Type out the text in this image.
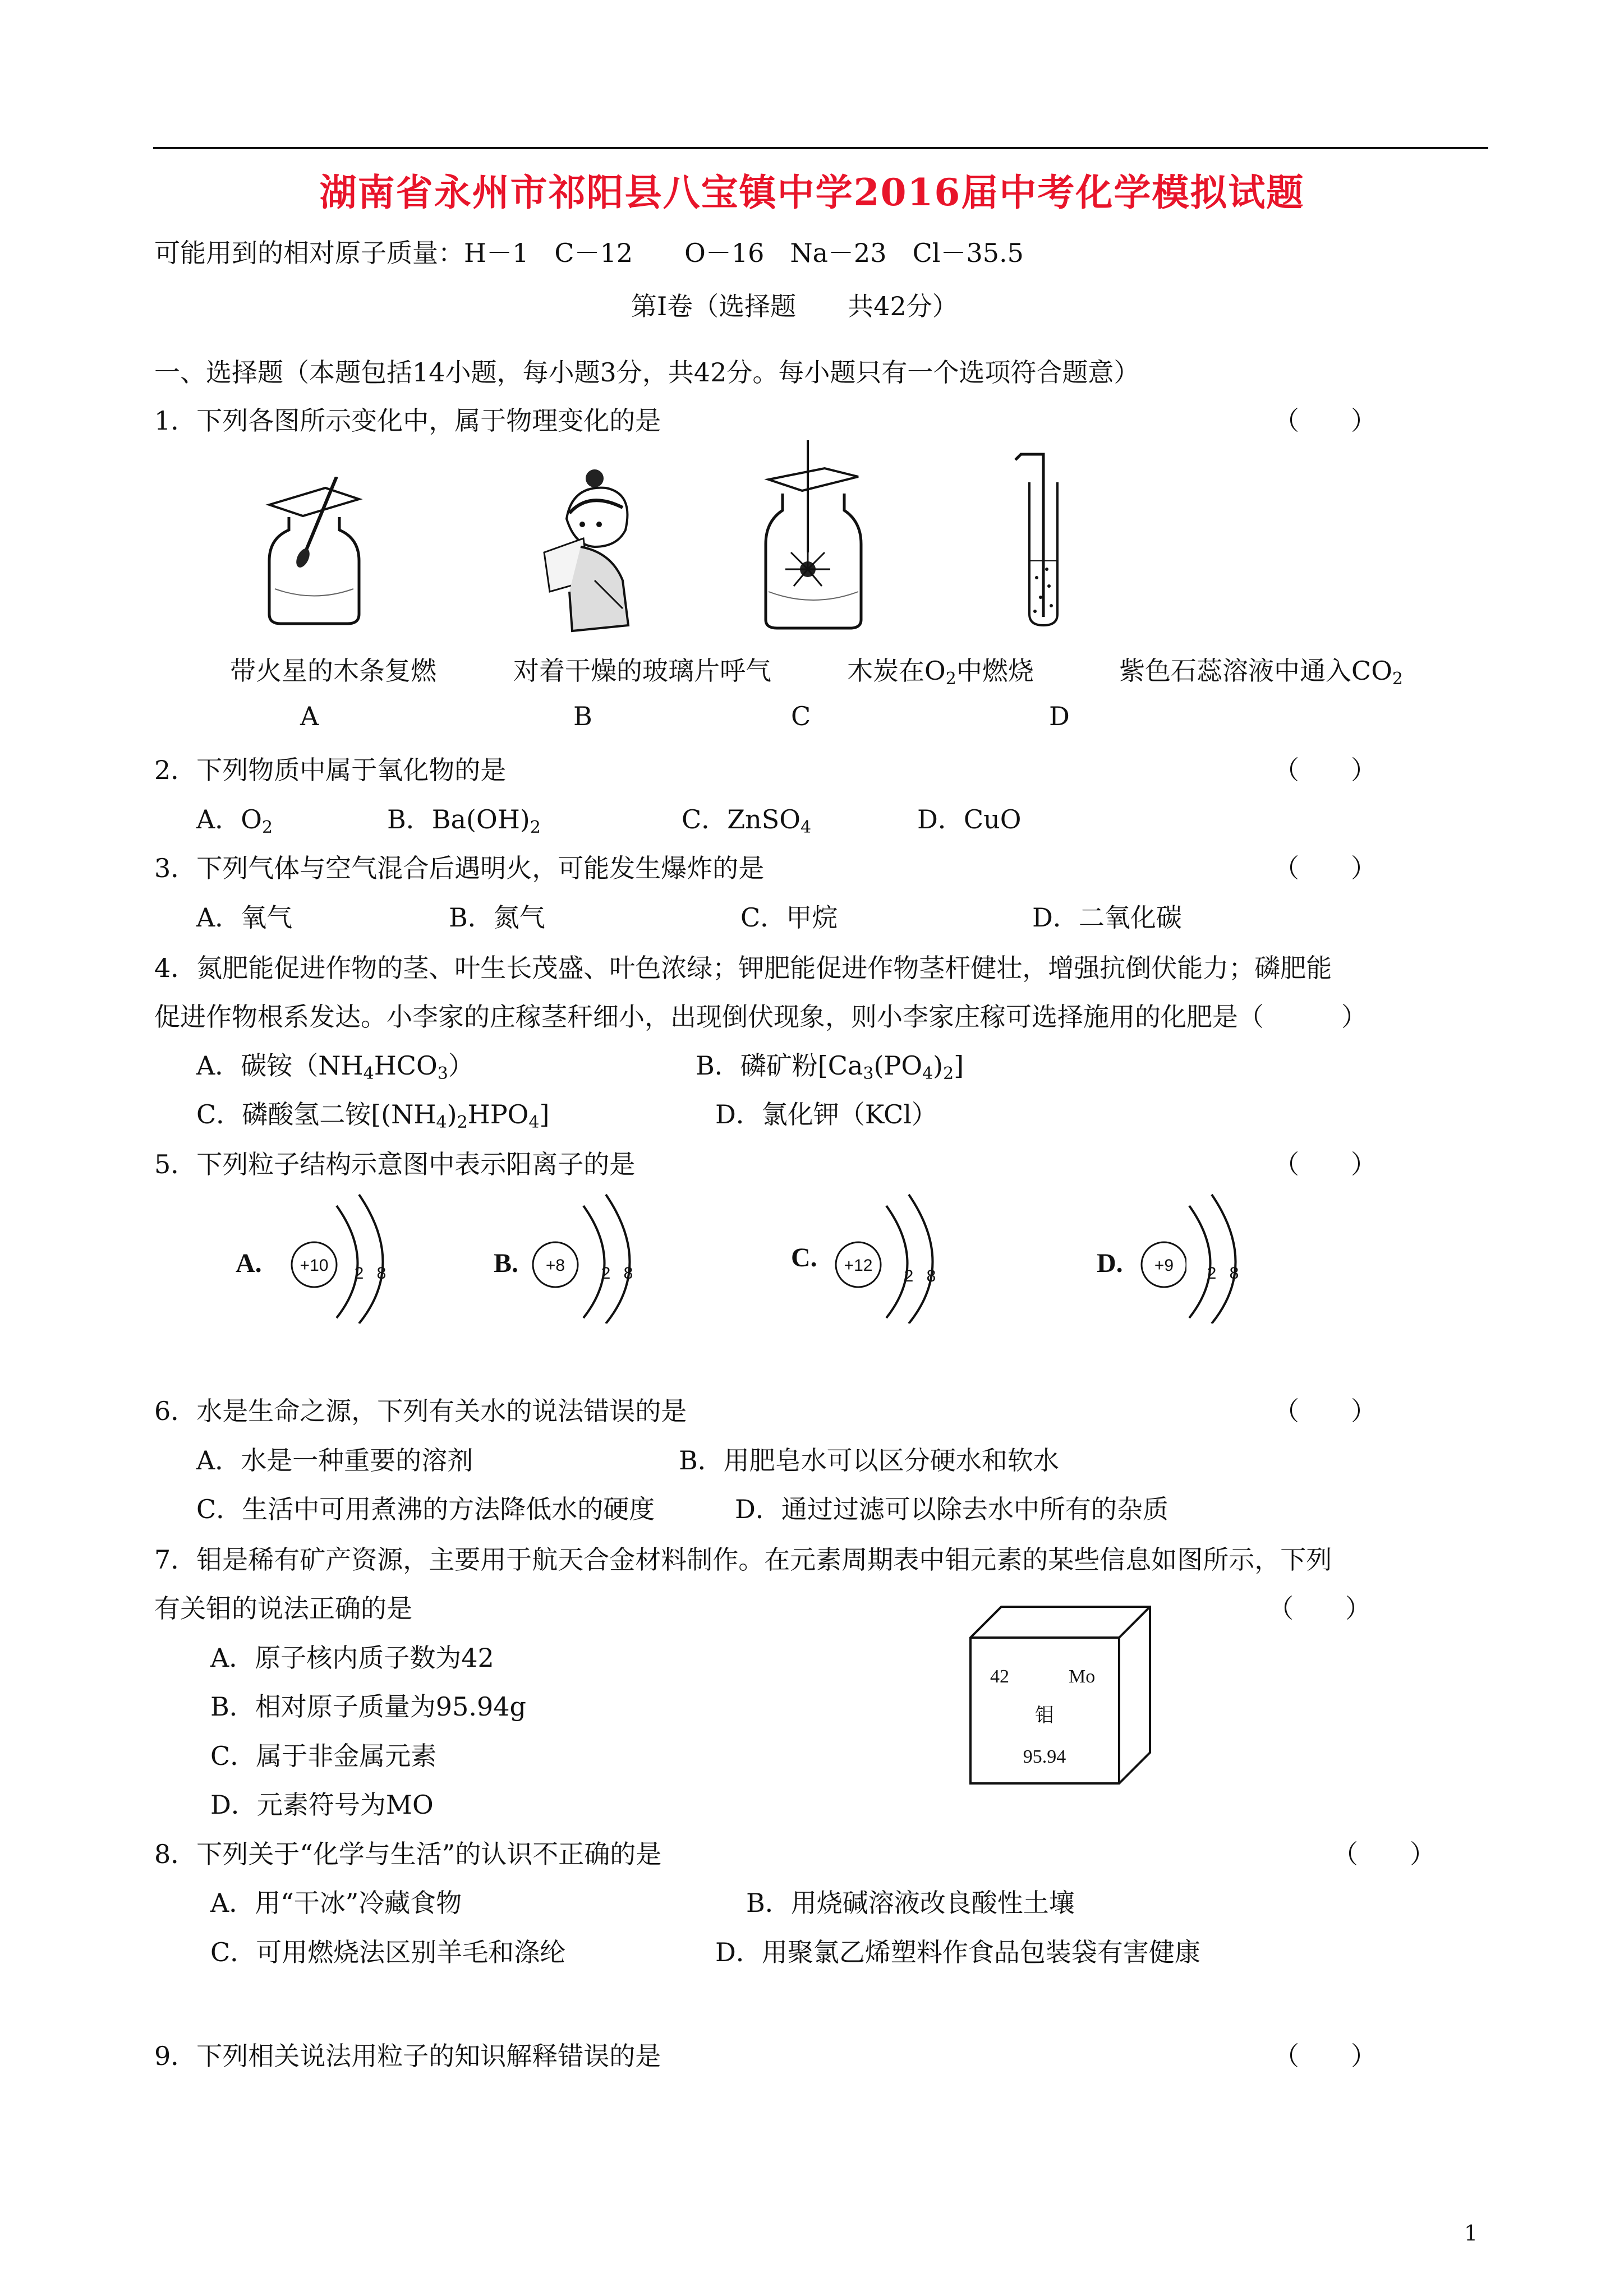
湖南省永州市祁阳县八宝镇中学2016届中考化学模拟试题
可能用到的相对原子质量：H－1　C－12　　O－16　Na－23　Cl－35.5
第Ⅰ卷（选择题　　共42分）
一、选择题（本题包括14小题，每小题3分，共42分。每小题只有一个选项符合题意）
1．下列各图所示变化中，属于物理变化的是	（　　）
带火星的木条复燃	对着干燥的玻璃片呼气	木炭在$O_2$中燃烧	紫色石蕊溶液中通入$CO_2$
A	B	C	D
2．下列物质中属于氧化物的是	（　　）
A．$O_2$	B．$Ba(OH)_2$	C．ZnSO$_4$	D．CuO
3．下列气体与空气混合后遇明火，可能发生爆炸的是	（　　）
A．氧气	B．氮气	C．甲烷	D．二氧化碳
4．氮肥能促进作物的茎、叶生长茂盛、叶色浓绿；钾肥能促进作物茎杆健壮，增强抗倒伏能力；磷肥能
促进作物根系发达。小李家的庄稼茎秆细小，出现倒伏现象，则小李家庄稼可选择施用的化肥是（　　　）
A．碳铵$(NH_4HCO_3)$	B．磷矿粉$[Ca_3(PO_4)_2]$
C．磷酸氢二铵$[(NH_4)_2HPO_4]$	D．氯化钾（KCl）
5．下列粒子结构示意图中表示阳离子的是	（　　）
A. +10 2 8	B. +8 2 8
C. +12
2 8	D. +9 2 8
6．水是生命之源，下列有关水的说法错误的是	（　　）
A．水是一种重要的溶剂	B．用肥皂水可以区分硬水和软水
C．生活中可用煮沸的方法降低水的硬度	D．通过过滤可以除去水中所有的杂质
7．钼是稀有矿产资源，主要用于航天合金材料制作。在元素周期表中钼元素的某些信息如图所示，下列
有关钼的说法正确的是	（　　）
A．原子核内质子数为42
B．相对原子质量为95.94g
C．属于非金属元素
D．元素符号为MO
42	Mo
钼
95.94
8．下列关于“化学与生活”的认识不正确的是	（　　）
A．用“干冰”冷藏食物	B．用烧碱溶液改良酸性土壤
C．可用燃烧法区别羊毛和涤纶	D．用聚氯乙烯塑料作食品包装袋有害健康
9．下列相关说法用粒子的知识解释错误的是	（　　）
1
